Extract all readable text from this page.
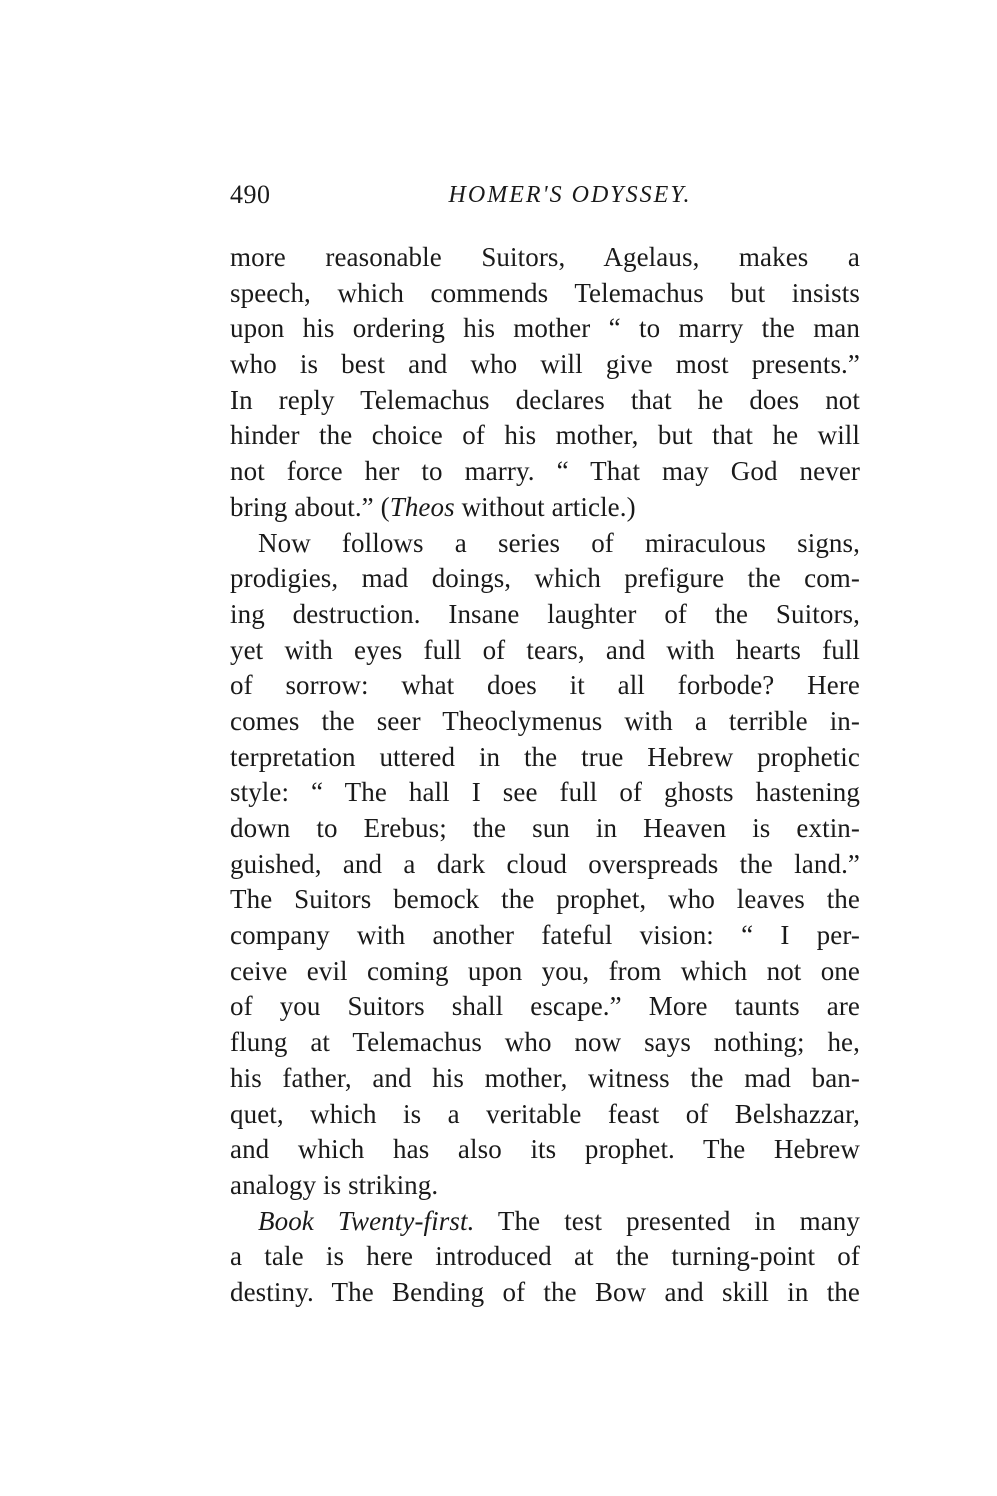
490	HOMER'S ODYSSEY.
more reasonable Suitors, Agelaus, makes a
speech, which commends Telemachus but insists
upon his ordering his mother “ to marry the man
who is best and who will give most presents.”
In reply Telemachus declares that he does not
hinder the choice of his mother, but that he will
not force her to marry. “ That may God never
bring about.” (Theos without article.)
Now follows a series of miraculous signs,
prodigies, mad doings, which prefigure the com-
ing destruction. Insane laughter of the Suitors,
yet with eyes full of tears, and with hearts full
of sorrow: what does it all forbode? Here
comes the seer Theoclymenus with a terrible in-
terpretation uttered in the true Hebrew prophetic
style: “ The hall I see full of ghosts hastening
down to Erebus; the sun in Heaven is extin-
guished, and a dark cloud overspreads the land.”
The Suitors bemock the prophet, who leaves the
company with another fateful vision: “ I per-
ceive evil coming upon you, from which not one
of you Suitors shall escape.” More taunts are
flung at Telemachus who now says nothing; he,
his father, and his mother, witness the mad ban-
quet, which is a veritable feast of Belshazzar,
and which has also its prophet. The Hebrew
analogy is striking.
Book Twenty-first. The test presented in many
a tale is here introduced at the turning-point of
destiny. The Bending of the Bow and skill in the
